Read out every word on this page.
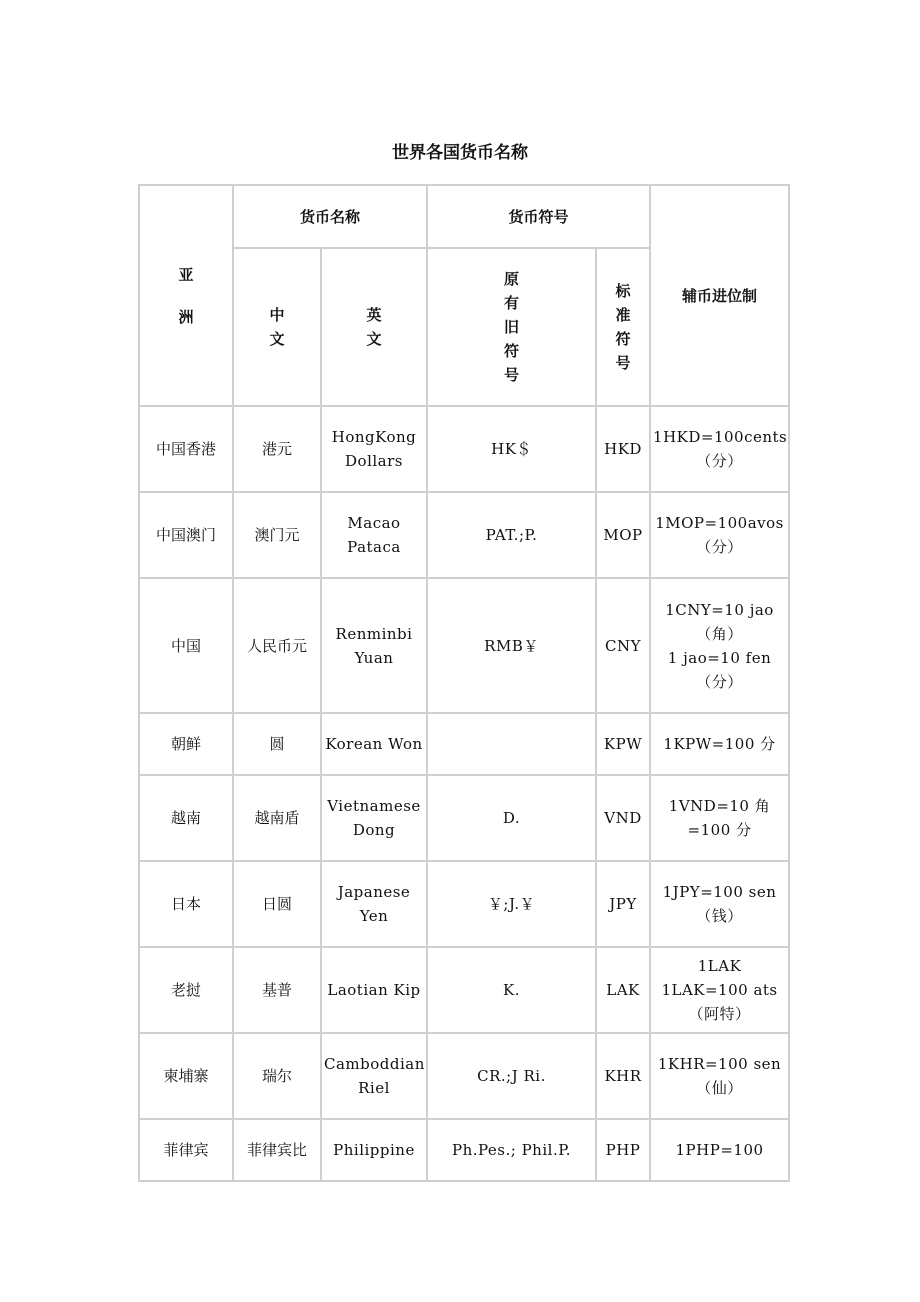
世界各国货币名称
亚洲	货币名称		货币符号		辅币进位制

	中文	英文	原有旧符号	标准符号	

中国香港	港元	HongKong Dollars	HK＄	HKD	1HKD=100cents（分）
中国澳门	澳门元	Macao Pataca	PAT.;P.	MOP	1MOP=100avos（分）
中国	人民币元	Renminbi Yuan	RMB￥	CNY	1CNY=10 jao（角）
1 jao=10 fen（分）

朝鲜	圆	Korean Won		KPW	1KPW=100 分
越南	越南盾	Vietnamese Dong	D.	VND	1VND=10 角=100 分
日本	日圆	Japanese Yen	￥;J.￥	JPY	1JPY=100 sen（钱）
老挝	基普	Laotian Kip	K.	LAK	1LAK 1LAK=100 ats（阿特）
柬埔寨	瑞尔	Camboddian Riel	CR.;J Ri.	KHR	1KHR=100 sen（仙）
菲律宾	菲律宾比	Philippine	Ph.Pes.; Phil.P.	PHP	1PHP=100
